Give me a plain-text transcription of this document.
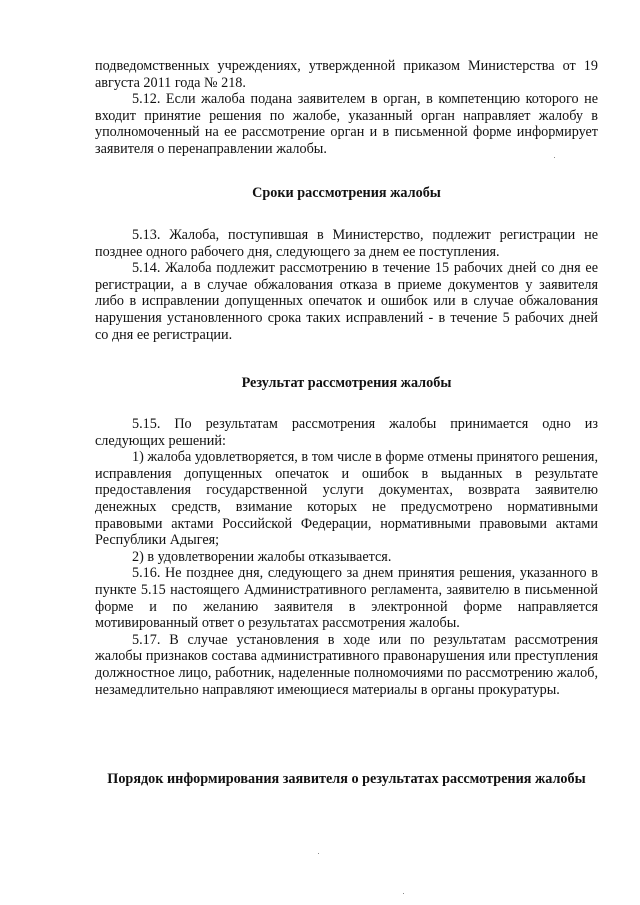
подведомственных учреждениях, утвержденной приказом Министерства от 19 августа 2011 года № 218.

5.12. Если жалоба подана заявителем в орган, в компетенцию которого не входит принятие решения по жалобе, указанный орган направляет жалобу в уполномоченный на ее рассмотрение орган и в письменной форме информирует заявителя о перенаправлении жалобы.

Сроки рассмотрения жалобы

5.13. Жалоба, поступившая в Министерство, подлежит регистрации не позднее одного рабочего дня, следующего за днем ее поступления.

5.14. Жалоба подлежит рассмотрению в течение 15 рабочих дней со дня ее регистрации, а в случае обжалования отказа в приеме документов у заявителя либо в исправлении допущенных опечаток и ошибок или в случае обжалования нарушения установленного срока таких исправлений - в течение 5 рабочих дней со дня ее регистрации.

Результат рассмотрения жалобы

5.15. По результатам рассмотрения жалобы принимается одно из следующих решений:

1) жалоба удовлетворяется, в том числе в форме отмены принятого решения, исправления допущенных опечаток и ошибок в выданных в результате предоставления государственной услуги документах, возврата заявителю денежных средств, взимание которых не предусмотрено нормативными правовыми актами Российской Федерации, нормативными правовыми актами Республики Адыгея;

2) в удовлетворении жалобы отказывается.

5.16. Не позднее дня, следующего за днем принятия решения, указанного в пункте 5.15 настоящего Административного регламента, заявителю в письменной форме и по желанию заявителя в электронной форме направляется мотивированный ответ о результатах рассмотрения жалобы.

5.17. В случае установления в ходе или по результатам рассмотрения жалобы признаков состава административного правонарушения или преступления должностное лицо, работник, наделенные полномочиями по рассмотрению жалоб, незамедлительно направляют имеющиеся материалы в органы прокуратуры.

Порядок информирования заявителя о результатах рассмотрения жалобы
